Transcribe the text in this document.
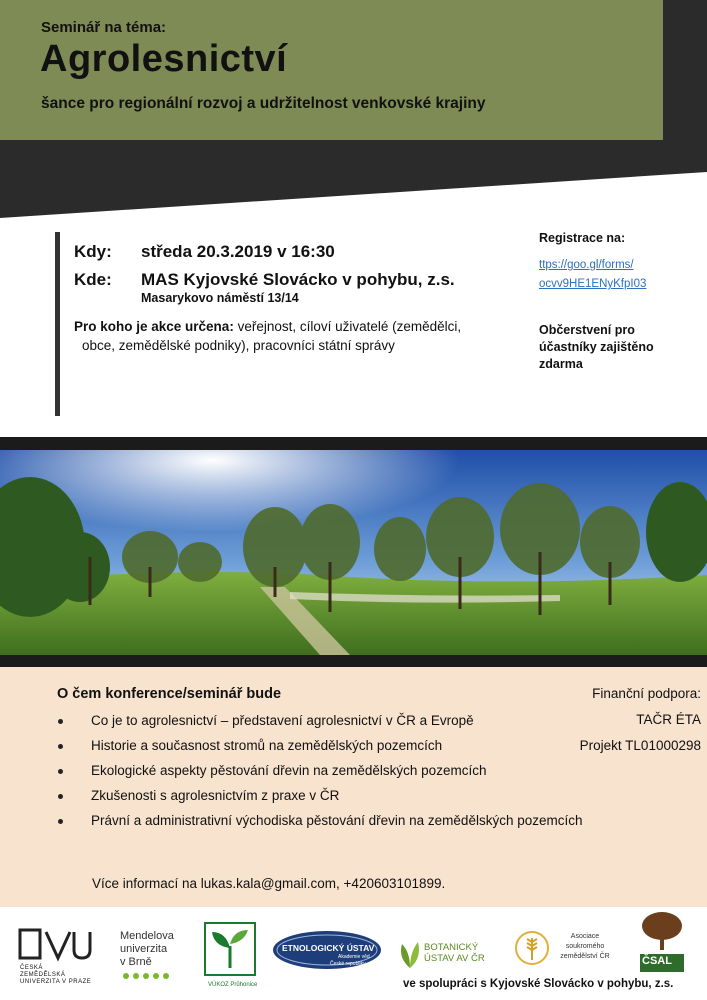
Seminář na téma:
Agrolesnictví
šance pro regionální rozvoj a udržitelnost venkovské krajiny
Kdy: středa 20.3.2019 v 16:30
Kde: MAS Kyjovské Slovácko v pohybu, z.s.
Masarykovo náměstí 13/14
Pro koho je akce určena: veřejnost, cíloví uživatelé (zemědělci,
obce, zemědělské podniky), pracovníci státní správy
Registrace na:
ttps://goo.gl/forms/
ocvv9HE1ENyKfpI03
Občerstvení pro účastníky zajištěno zdarma
O čem konference/seminář bude
Co je to agrolesnictví – představení agrolesnictví v ČR a Evropě
Historie a současnost stromů na zemědělských pozemcích
Ekologické aspekty pěstování dřevin na zemědělských pozemcích
Zkušenosti s agrolesnictvím z praxe v ČR
Právní a administrativní východiska pěstování dřevin na zemědělských pozemcích
Finanční podpora:
TAČR ÉTA
Projekt TL01000298
Více informací na lukas.kala@gmail.com, +420603101899.
ČESKÁ
ZEMĚDĚLSKÁ
UNIVERZITA V PRAZE
Mendelova
univerzita
v Brně
VÚKOZ Průhonice
ETNOLOGICKÝ ÚSTAV
Akademie věd
České republiky, v.v.i.
BOTANICKÝ
ÚSTAV AV ČR
Asociace
soukromého
zemědělství ČR	ČSAL
ve spolupráci s Kyjovské Slovácko v pohybu, z.s.
